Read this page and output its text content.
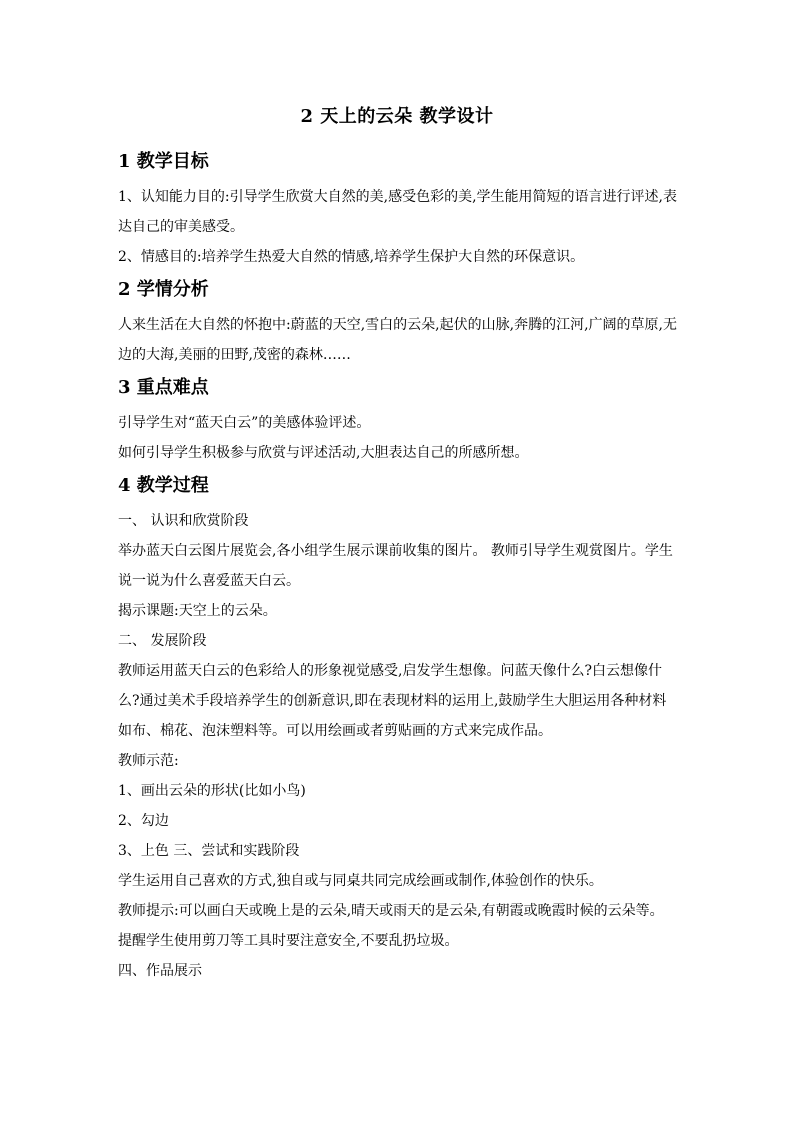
2 天上的云朵 教学设计
1 教学目标

1、认知能力目的:引导学生欣赏大自然的美,感受色彩的美,学生能用简短的语言进行评述,表达自己的审美感受。

2、情感目的:培养学生热爱大自然的情感,培养学生保护大自然的环保意识。

2 学情分析

人来生活在大自然的怀抱中:蔚蓝的天空,雪白的云朵,起伏的山脉,奔腾的江河,广阔的草原,无边的大海,美丽的田野,茂密的森林……

3 重点难点

引导学生对“蓝天白云”的美感体验评述。

如何引导学生积极参与欣赏与评述活动,大胆表达自己的所感所想。

4 教学过程

一、 认识和欣赏阶段

举办蓝天白云图片展览会,各小组学生展示课前收集的图片。 教师引导学生观赏图片。学生说一说为什么喜爱蓝天白云。

揭示课题:天空上的云朵。

二、 发展阶段

教师运用蓝天白云的色彩给人的形象视觉感受,启发学生想像。问蓝天像什么?白云想像什么?通过美术手段培养学生的创新意识,即在表现材料的运用上,鼓励学生大胆运用各种材料如布、棉花、泡沫塑料等。可以用绘画或者剪贴画的方式来完成作品。

教师示范:

1、画出云朵的形状(比如小鸟)

2、勾边

3、上色 三、尝试和实践阶段

学生运用自己喜欢的方式,独自或与同桌共同完成绘画或制作,体验创作的快乐。

教师提示:可以画白天或晚上是的云朵,晴天或雨天的是云朵,有朝霞或晚霞时候的云朵等。

提醒学生使用剪刀等工具时要注意安全,不要乱扔垃圾。

四、作品展示
